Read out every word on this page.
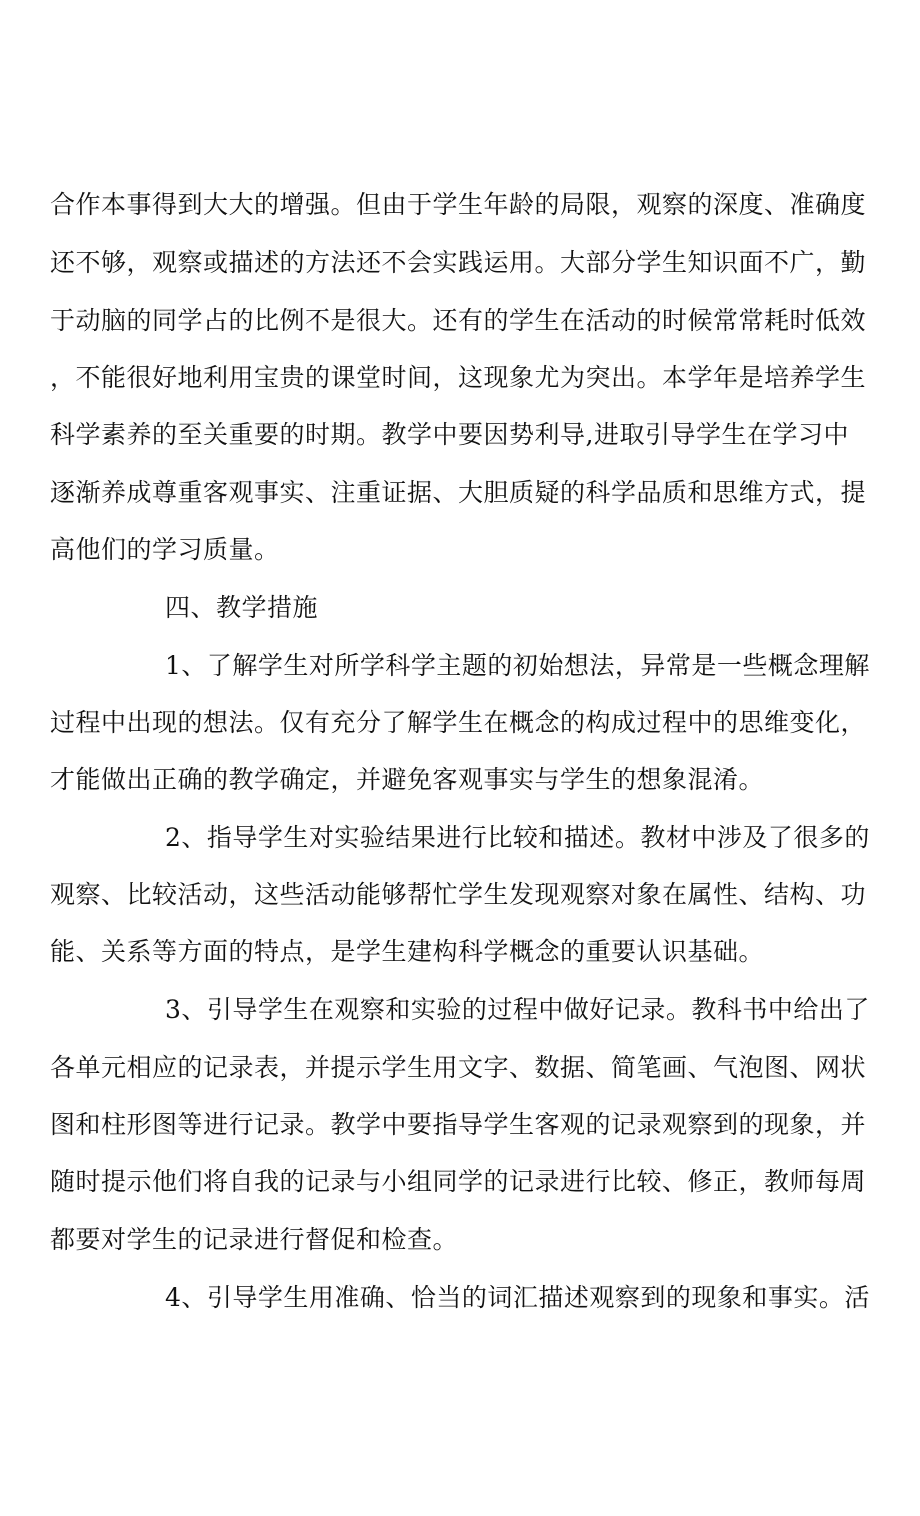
合作本事得到大大的增强。但由于学生年龄的局限，观察的深度、准确度
还不够，观察或描述的方法还不会实践运用。大部分学生知识面不广，勤
于动脑的同学占的比例不是很大。还有的学生在活动的时候常常耗时低效
，不能很好地利用宝贵的课堂时间，这现象尤为突出。本学年是培养学生
科学素养的至关重要的时期。教学中要因势利导,进取引导学生在学习中
逐渐养成尊重客观事实、注重证据、大胆质疑的科学品质和思维方式，提
高他们的学习质量。
四、教学措施
1、了解学生对所学科学主题的初始想法，异常是一些概念理解
过程中出现的想法。仅有充分了解学生在概念的构成过程中的思维变化，
才能做出正确的教学确定，并避免客观事实与学生的想象混淆。
2、指导学生对实验结果进行比较和描述。教材中涉及了很多的
观察、比较活动，这些活动能够帮忙学生发现观察对象在属性、结构、功
能、关系等方面的特点，是学生建构科学概念的重要认识基础。
3、引导学生在观察和实验的过程中做好记录。教科书中给出了
各单元相应的记录表，并提示学生用文字、数据、简笔画、气泡图、网状
图和柱形图等进行记录。教学中要指导学生客观的记录观察到的现象，并
随时提示他们将自我的记录与小组同学的记录进行比较、修正，教师每周
都要对学生的记录进行督促和检查。
4、引导学生用准确、恰当的词汇描述观察到的现象和事实。活
